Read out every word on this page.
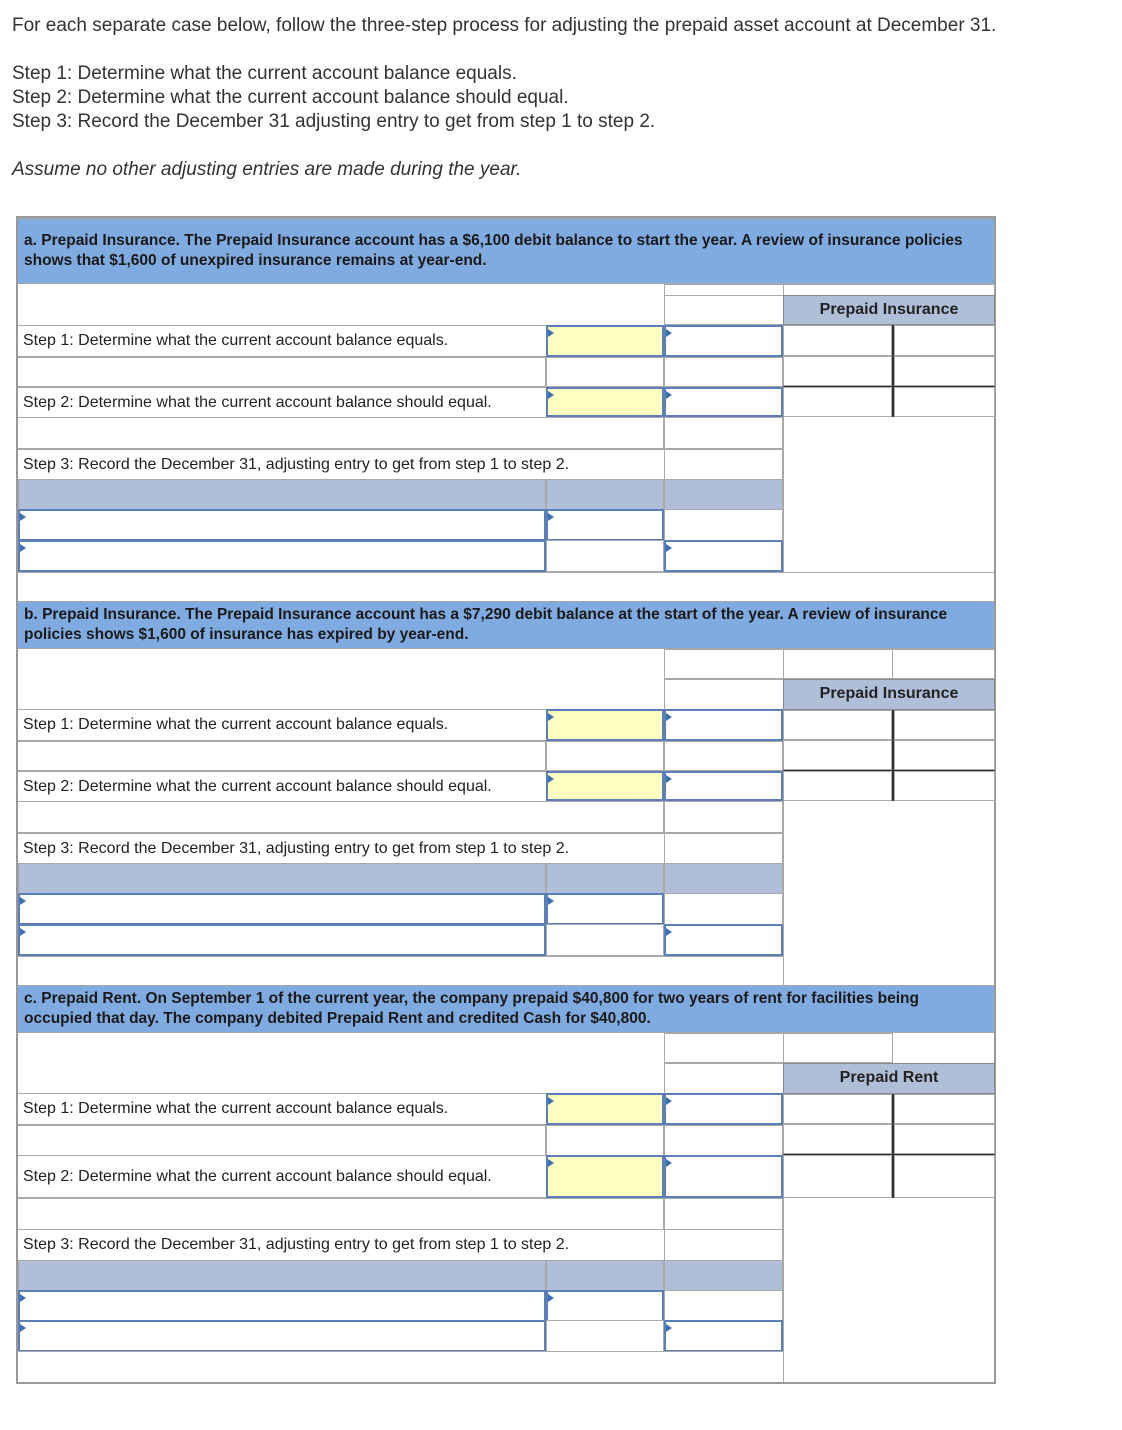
For each separate case below, follow the three-step process for adjusting the prepaid asset account at December 31.
Step 1: Determine what the current account balance equals.
Step 2: Determine what the current account balance should equal.
Step 3: Record the December 31 adjusting entry to get from step 1 to step 2.
Assume no other adjusting entries are made during the year.
a. Prepaid Insurance. The Prepaid Insurance account has a $6,100 debit balance to start the year. A review of insurance policies shows that $1,600 of unexpired insurance remains at year-end.
Prepaid Insurance
Step 1: Determine what the current account balance equals.
Step 2: Determine what the current account balance should equal.
Step 3: Record the December 31, adjusting entry to get from step 1 to step 2.
b. Prepaid Insurance. The Prepaid Insurance account has a $7,290 debit balance at the start of the year. A review of insurance policies shows $1,600 of insurance has expired by year-end.
Prepaid Insurance
Step 1: Determine what the current account balance equals.
Step 2: Determine what the current account balance should equal.
Step 3: Record the December 31, adjusting entry to get from step 1 to step 2.
c. Prepaid Rent. On September 1 of the current year, the company prepaid $40,800 for two years of rent for facilities being occupied that day. The company debited Prepaid Rent and credited Cash for $40,800.
Prepaid Rent
Step 1: Determine what the current account balance equals.
Step 2: Determine what the current account balance should equal.
Step 3: Record the December 31, adjusting entry to get from step 1 to step 2.
